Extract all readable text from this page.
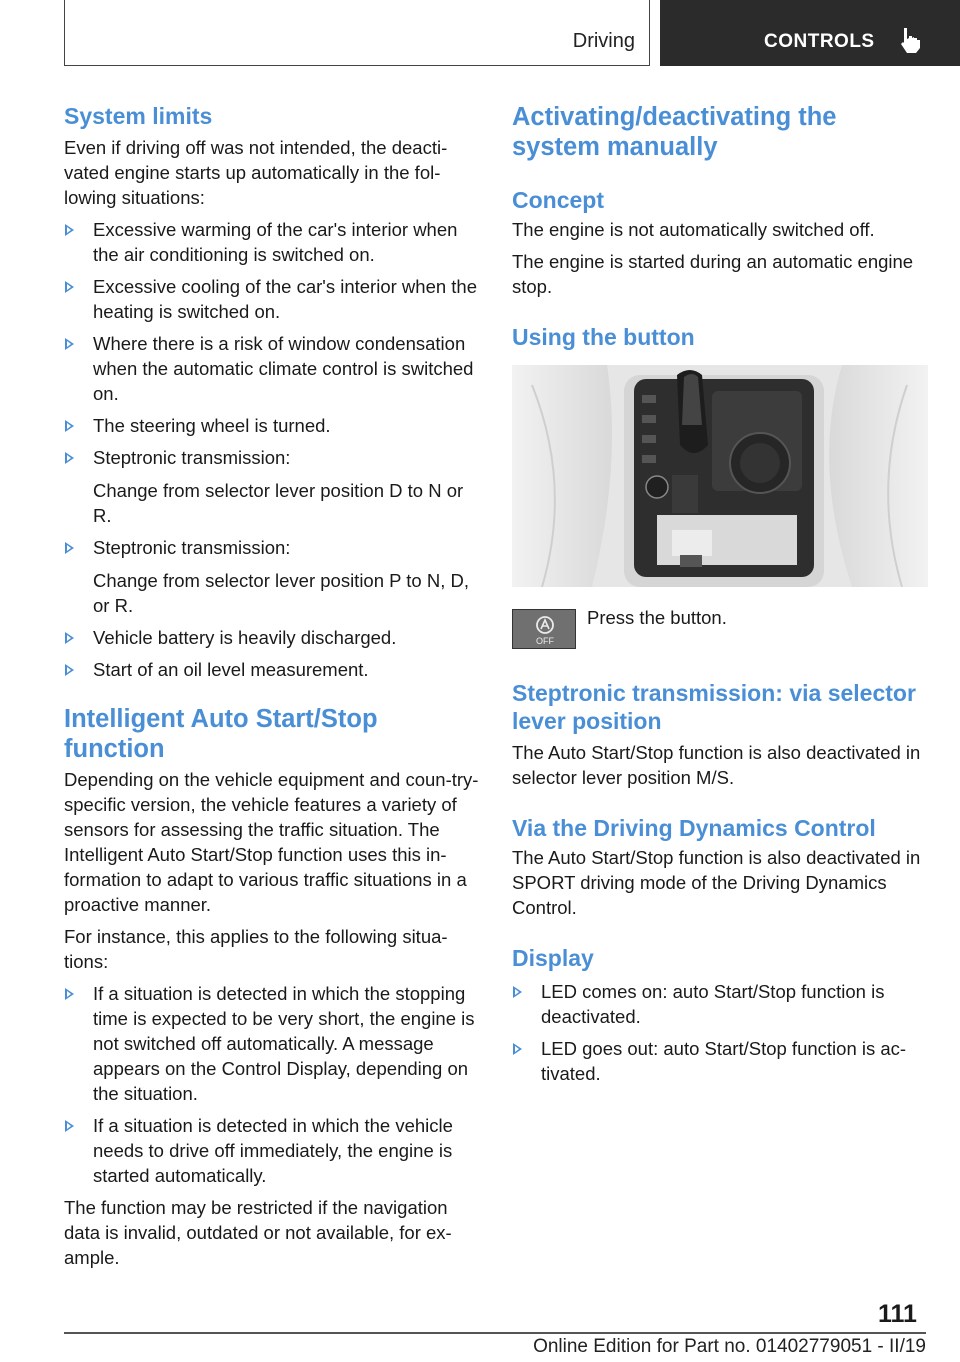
Driving	CONTROLS
System limits

Even if driving off was not intended, the deacti-vated engine starts up automatically in the fol-lowing situations:

Excessive warming of the car's interior when the air conditioning is switched on.
Excessive cooling of the car's interior when the heating is switched on.
Where there is a risk of window condensation when the automatic climate control is switched on.
The steering wheel is turned.
Steptronic transmission:
Change from selector lever position D to N or R.
Steptronic transmission:
Change from selector lever position P to N, D, or R.
Vehicle battery is heavily discharged.
Start of an oil level measurement.
Intelligent Auto Start/Stop function

Depending on the vehicle equipment and coun-try-specific version, the vehicle features a variety of sensors for assessing the traffic situation. The Intelligent Auto Start/Stop function uses this in-formation to adapt to various traffic situations in a proactive manner.

For instance, this applies to the following situa-tions:

If a situation is detected in which the stopping time is expected to be very short, the engine is not switched off automatically. A message appears on the Control Display, depending on the situation.
If a situation is detected in which the vehicle needs to drive off immediately, the engine is started automatically.

The function may be restricted if the navigation data is invalid, outdated or not available, for ex-ample.

Activating/deactivating the system manually
Concept

The engine is not automatically switched off.

The engine is started during an automatic engine stop.

Using the button
OFF
Press the button.
Steptronic transmission: via selector lever position

The Auto Start/Stop function is also deactivated in selector lever position M/S.

Via the Driving Dynamics Control

The Auto Start/Stop function is also deactivated in SPORT driving mode of the Driving Dynamics Control.

Display
LED comes on: auto Start/Stop function is deactivated.
LED goes out: auto Start/Stop function is ac-tivated.
111
Online Edition for Part no. 01402779051 - II/19
